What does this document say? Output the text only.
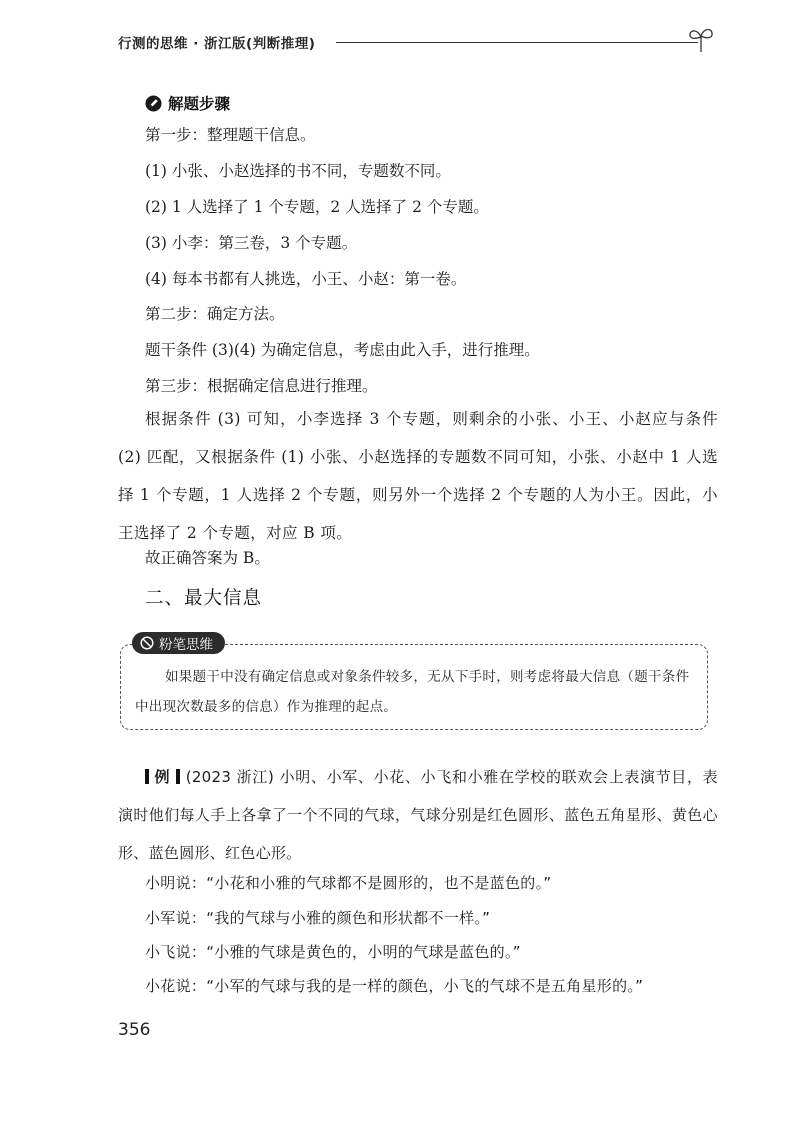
行测的思维 · 浙江版(判断推理)
解题步骤
第一步：整理题干信息。
(1) 小张、小赵选择的书不同，专题数不同。
(2) 1 人选择了 1 个专题，2 人选择了 2 个专题。
(3) 小李：第三卷，3 个专题。
(4) 每本书都有人挑选，小王、小赵：第一卷。
第二步：确定方法。
题干条件 (3)(4) 为确定信息，考虑由此入手，进行推理。
第三步：根据确定信息进行推理。
根据条件 (3) 可知，小李选择 3 个专题，则剩余的小张、小王、小赵应与条件 (2) 匹配，又根据条件 (1) 小张、小赵选择的专题数不同可知，小张、小赵中 1 人选择 1 个专题，1 人选择 2 个专题，则另外一个选择 2 个专题的人为小王。因此，小王选择了 2 个专题，对应 B 项。
故正确答案为 B。
二、最大信息
粉笔思维
如果题干中没有确定信息或对象条件较多，无从下手时，则考虑将最大信息（题干条件中出现次数最多的信息）作为推理的起点。
例 (2023 浙江) 小明、小军、小花、小飞和小雅在学校的联欢会上表演节目，表演时他们每人手上各拿了一个不同的气球，气球分别是红色圆形、蓝色五角星形、黄色心形、蓝色圆形、红色心形。
小明说：“小花和小雅的气球都不是圆形的，也不是蓝色的。”
小军说：“我的气球与小雅的颜色和形状都不一样。”
小飞说：“小雅的气球是黄色的，小明的气球是蓝色的。”
小花说：“小军的气球与我的是一样的颜色，小飞的气球不是五角星形的。”
356
